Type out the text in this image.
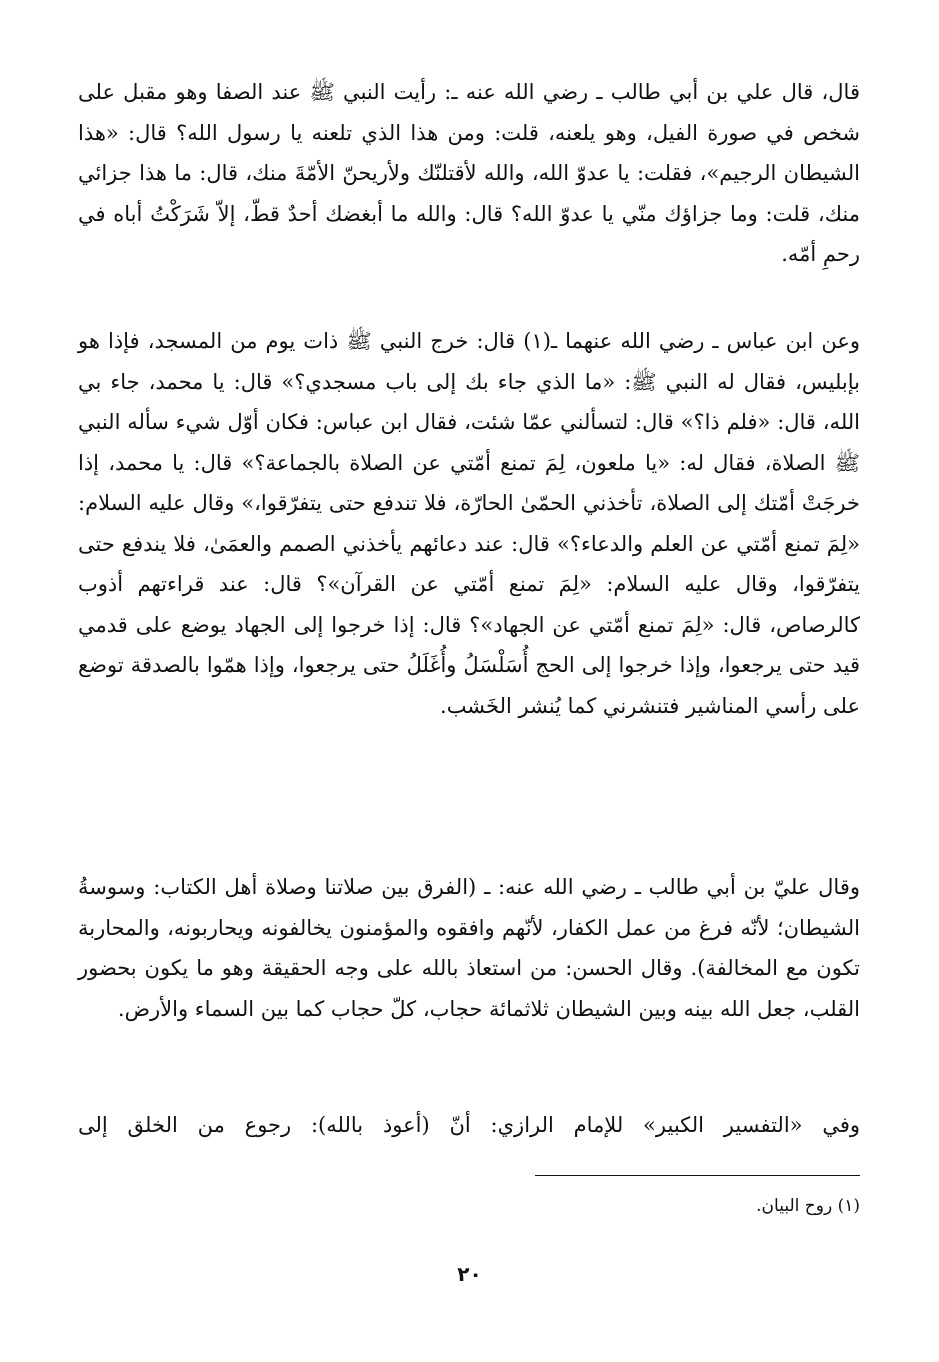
قال، قال علي بن أبي طالب ـ رضي الله عنه ـ: رأيت النبي ﷺ عند الصفا وهو مقبل على شخص في صورة الفيل، وهو يلعنه، قلت: ومن هذا الذي تلعنه يا رسول الله؟ قال: «هذا الشيطان الرجيم»، فقلت: يا عدوّ الله، والله لأقتلنّك ولأريحنّ الأمّةَ منك، قال: ما هذا جزائي منك، قلت: وما جزاؤك منّي يا عدوّ الله؟ قال: والله ما أبغضك أحدٌ قطّ، إلاّ شَرَكْتُ أباه في رحمِ أمّه.

وعن ابن عباس ـ رضي الله عنهما ـ(١) قال: خرج النبي ﷺ ذات يوم من المسجد، فإذا هو بإبليس، فقال له النبي ﷺ: «ما الذي جاء بك إلى باب مسجدي؟» قال: يا محمد، جاء بي الله، قال: «فلم ذا؟» قال: لتسألني عمّا شئت، فقال ابن عباس: فكان أوّل شيء سأله النبي ﷺ الصلاة، فقال له: «يا ملعون، لِمَ تمنع أمّتي عن الصلاة بالجماعة؟» قال: يا محمد، إذا خرجَتْ أمّتك إلى الصلاة، تأخذني الحمّىٰ الحارّة، فلا تندفع حتى يتفرّقوا،» وقال عليه السلام: «لِمَ تمنع أمّتي عن العلم والدعاء؟» قال: عند دعائهم يأخذني الصمم والعمَىٰ، فلا يندفع حتى يتفرّقوا، وقال عليه السلام: «لِمَ تمنع أمّتي عن القرآن»؟ قال: عند قراءتهم أذوب كالرصاص، قال: «لِمَ تمنع أمّتي عن الجهاد»؟ قال: إذا خرجوا إلى الجهاد يوضع على قدمي قيد حتى يرجعوا، وإذا خرجوا إلى الحج أُسَلْسَلُ وأُغَلَلُ حتى يرجعوا، وإذا همّوا بالصدقة توضع على رأسي المناشير فتنشرني كما يُنشر الخَشب.

وقال عليّ بن أبي طالب ـ رضي الله عنه: ـ (الفرق بين صلاتنا وصلاة أهل الكتاب: وسوسةُ الشيطان؛ لأنّه فرغ من عمل الكفار، لأنّهم وافقوه والمؤمنون يخالفونه ويحاربونه، والمحاربة تكون مع المخالفة). وقال الحسن: من استعاذ بالله على وجه الحقيقة وهو ما يكون بحضور القلب، جعل الله بينه وبين الشيطان ثلاثمائة حجاب، كلّ حجاب كما بين السماء والأرض.

وفي «التفسير الكبير» للإمام الرازي: أنّ (أعوذ بالله): رجوع من الخلق إلى

(١) روح البيان.

٢٠
